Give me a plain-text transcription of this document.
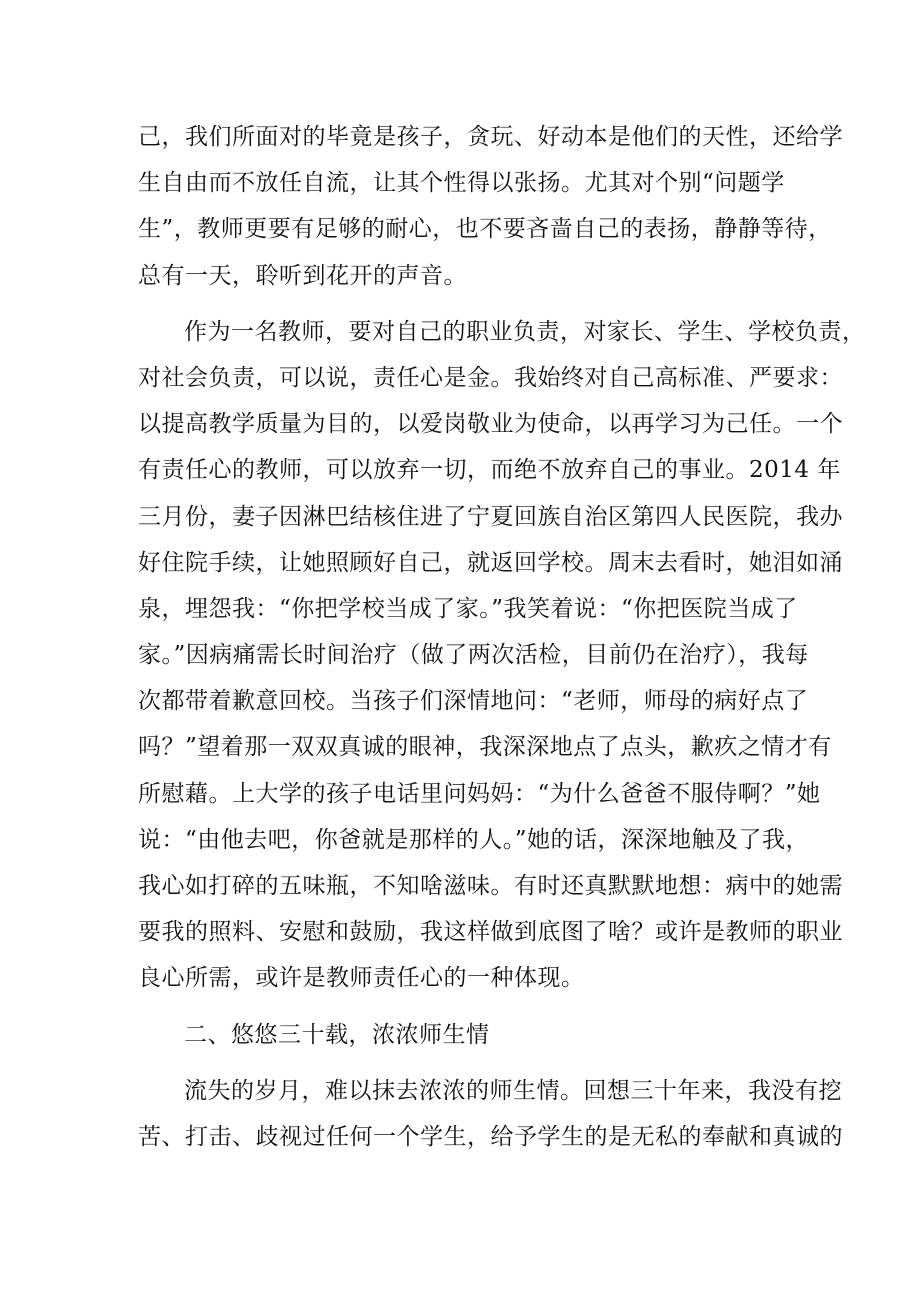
己，我们所面对的毕竟是孩子，贪玩、好动本是他们的天性，还给学
生自由而不放任自流，让其个性得以张扬。尤其对个别“问题学
生”，教师更要有足够的耐心，也不要吝啬自己的表扬，静静等待，
总有一天，聆听到花开的声音。
作为一名教师，要对自己的职业负责，对家长、学生、学校负责，
对社会负责，可以说，责任心是金。我始终对自己高标准、严要求：
以提高教学质量为目的，以爱岗敬业为使命，以再学习为己任。一个
有责任心的教师，可以放弃一切，而绝不放弃自己的事业。2014 年
三月份，妻子因淋巴结核住进了宁夏回族自治区第四人民医院，我办
好住院手续，让她照顾好自己，就返回学校。周末去看时，她泪如涌
泉，埋怨我：“你把学校当成了家。”我笑着说：“你把医院当成了
家。”因病痛需长时间治疗（做了两次活检，目前仍在治疗），我每
次都带着歉意回校。当孩子们深情地问：“老师，师母的病好点了
吗？”望着那一双双真诚的眼神，我深深地点了点头，歉疚之情才有
所慰藉。上大学的孩子电话里问妈妈：“为什么爸爸不服侍啊？”她
说：“由他去吧，你爸就是那样的人。”她的话，深深地触及了我，
我心如打碎的五味瓶，不知啥滋味。有时还真默默地想：病中的她需
要我的照料、安慰和鼓励，我这样做到底图了啥？或许是教师的职业
良心所需，或许是教师责任心的一种体现。
二、悠悠三十载，浓浓师生情
流失的岁月，难以抹去浓浓的师生情。回想三十年来，我没有挖
苦、打击、歧视过任何一个学生，给予学生的是无私的奉献和真诚的
